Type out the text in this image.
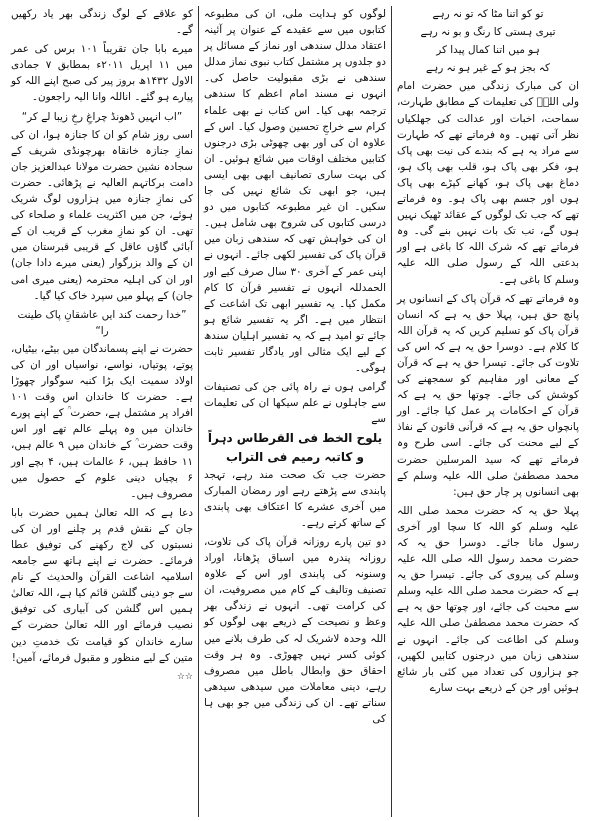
تو کو اتنا مٹا کہ تو نہ رہے
تیری ہستی کا رنگ و بو نہ رہے
ہو میں اتنا کمال پیدا کر
کہ بجز ہو کے غیر ہو نہ رہے

ان کی مبارک زندگی میں حضرت امام ولی اللہؒ کی تعلیمات کے مطابق طہارت، سماحت، اخبات اور عدالت کی جھلکیاں نظر آتی تھیں۔ وہ فرماتے تھے کہ طہارت سے مراد یہ ہے کہ بندے کی نیت بھی پاک ہو، فکر بھی پاک ہو، قلب بھی پاک ہو، دماغ بھی پاک ہو، کھانے کپڑے بھی پاک ہوں اور جسم بھی پاک ہو۔ وہ فرماتے تھے کہ جب تک لوگوں کے عقائد ٹھیک نہیں ہوں گے، تب تک بات نہیں بنے گی۔ وہ فرماتے تھے کہ شرک اللہ کا باغی ہے اور بدعتی اللہ کے رسول صلی اللہ علیہ وسلم کا باغی ہے۔

وہ فرماتے تھے کہ قرآن پاک کے انسانوں پر پانچ حق ہیں، پہلا حق یہ ہے کہ انسان قرآن پاک کو تسلیم کریں کہ یہ قرآن اللہ کا کلام ہے۔ دوسرا حق یہ ہے کہ اس کی تلاوت کی جائے۔ تیسرا حق یہ ہے کہ قرآن کے معانی اور مفاہیم کو سمجھنے کی کوشش کی جائے۔ چوتھا حق یہ ہے کہ قرآن کے احکامات پر عمل کیا جائے۔ اور پانچواں حق یہ ہے کہ قرآنی قانون کے نفاذ کے لیے محنت کی جائے۔ اسی طرح وہ فرماتے تھے کہ سید المرسلین حضرت محمد مصطفیٰ صلی اللہ علیہ وسلم کے بھی انسانوں پر چار حق ہیں:

پہلا حق یہ کہ حضرت محمد صلی اللہ علیہ وسلم کو اللہ کا سچا اور آخری رسول مانا جائے۔ دوسرا حق یہ کہ حضرت محمد رسول اللہ صلی اللہ علیہ وسلم کی پیروی کی جائے۔ تیسرا حق یہ ہے کہ حضرت محمد صلی اللہ علیہ وسلم سے محبت کی جائے، اور چوتھا حق یہ ہے کہ حضرت محمد مصطفیٰ صلی اللہ علیہ وسلم کی اطاعت کی جائے۔ انہوں نے سندھی زبان میں درجنوں کتابیں لکھیں، جو ہزاروں کی تعداد میں کئی بار شائع ہوئیں اور جن کے ذریعے بہت سارے

لوگوں کو ہدایت ملی، ان کی مطبوعہ کتابوں میں سے عقیدے کے عنوان پر آئینہ اعتقاد مدلل سندھی اور نماز کے مسائل پر دو جلدوں پر مشتمل کتاب نبوی نماز مدلل سندھی نے بڑی مقبولیت حاصل کی۔ انہوں نے مسند امام اعظم کا سندھی ترجمہ بھی کیا۔ اس کتاب نے بھی علماء کرام سے خراجِ تحسین وصول کیا۔ اس کے علاوہ ان کی اور بھی چھوٹی بڑی درجنوں کتابیں مختلف اوقات میں شائع ہوئیں۔ ان کی بہت ساری تصانیف ابھی بھی ایسی ہیں، جو ابھی تک شائع نہیں کی جا سکیں۔ ان غیر مطبوعہ کتابوں میں دو درسی کتابوں کی شروح بھی شامل ہیں۔ ان کی خواہش تھی کہ سندھی زبان میں قرآن پاک کی تفسیر لکھی جائے۔ انہوں نے اپنی عمر کے آخری ۳۰ سال صرف کیے اور الحمدللہ انہوں نے تفسیر قرآن کا کام مکمل کیا۔ یہ تفسیر ابھی تک اشاعت کے انتظار میں ہے۔ اگر یہ تفسیر شائع ہو جائے تو امید ہے کہ یہ تفسیر اہلیان سندھ کے لیے ایک مثالی اور یادگار تفسیر ثابت ہوگی۔

گرامی ہوں نے راہ پائی جن کی تصنیفات سے جاہلوں نے علم سیکھا ان کی تعلیمات سے

یلوح الخط فی القرطاس دہراً
و کاتبہ رمیم فی التراب

حضرت جب تک صحت مند رہے، تہجد پابندی سے پڑھتے رہے اور رمضان المبارک میں آخری عشرے کا اعتکاف بھی پابندی کے ساتھ کرتے رہے۔

دو تین پارے روزانہ قرآن پاک کی تلاوت، روزانہ پندرہ میں اسباق پڑھانا، اوراد وسنونہ کی پابندی اور اس کے علاوہ تصنیف وتالیف کے کام میں مصروفیت، ان کی کرامت تھی۔ انہوں نے زندگی بھر وعظ و نصیحت کے ذریعے بھی لوگوں کو اللہ وحدہ لاشریک لہ کی طرف بلانے میں کوئی کسر نہیں چھوڑی۔ وہ ہر وقت احقاق حق وابطال باطل میں مصروف رہے، دینی معاملات میں سیدھی سیدھی سناتے تھے۔ ان کی زندگی میں جو بھی ہا کی

کو علاقے کے لوگ زندگی بھر یاد رکھیں گے۔

میرے بابا جان تقریباً ۱۰۱ برس کی عمر میں ۱۱ اپریل ۲۰۱۱ء بمطابق ۷ جمادی الاول ۱۴۳۲ھ بروز پیر کی صبح اپنے اللہ کو پیارے ہو گئے۔ اناللہ وانا الیہ راجعون۔

”اب انہیں ڈھونڈ چراغِ رخِ زیبا لے کر“

اسی روز شام کو ان کا جنازہ ہوا، ان کی نمازِ جنازہ خانقاہ بھرچونڈی شریف کے سجادہ نشین حضرت مولانا عبدالعزیز جان دامت برکاتہم العالیہ نے پڑھائی۔ حضرت کی نمازِ جنازہ میں ہزاروں لوگ شریک ہوئے، جن میں اکثریت علماء و صلحاء کی تھی۔ ان کو نمازِ مغرب کے قریب ان کے آبائی گاؤں عاقل کے قریبی قبرستان میں ان کے والد بزرگوار (یعنی میرے دادا جان) اور ان کی اہلیہ محترمہ (یعنی میری امی جان) کے پہلو میں سپرد خاک کیا گیا۔

”خدا رحمت کند ایں عاشقانِ پاک طینت را“

حضرت نے اپنے پسماندگان میں بیٹے، بیٹیاں، پوتے، پوتیاں، نواسے، نواسیاں اور ان کی اولاد سمیت ایک بڑا کنبہ سوگوار چھوڑا ہے۔ حضرت کا خاندان اس وقت ۱۰۱ افراد پر مشتمل ہے، حضرت ؒ کے اپنے پورے خاندان میں وہ پہلے عالم تھے اور اس وقت حضرت ؒ کے خاندان میں ۹ عالم ہیں، ۱۱ حافظ ہیں، ۶ عالمات ہیں، ۴ بچے اور ۶ بچیاں دینی علوم کے حصول میں مصروف ہیں۔

دعا ہے کہ اللہ تعالیٰ ہمیں حضرت بابا جان کے نقش قدم پر چلنے اور ان کی نسبتوں کی لاج رکھنے کی توفیق عطا فرمائے۔ حضرت نے اپنے ہاتھ سے جامعہ اسلامیہ اشاعت القرآن والحدیث کے نام سے جو دینی گلشن قائم کیا ہے، اللہ تعالیٰ ہمیں اس گلشن کی آبیاری کی توفیق نصیب فرمائے اور اللہ تعالیٰ حضرت کے سارے خاندان کو قیامت تک خدمتِ دین متین کے لیے منظور و مقبول فرمائے، آمین!

☆☆
